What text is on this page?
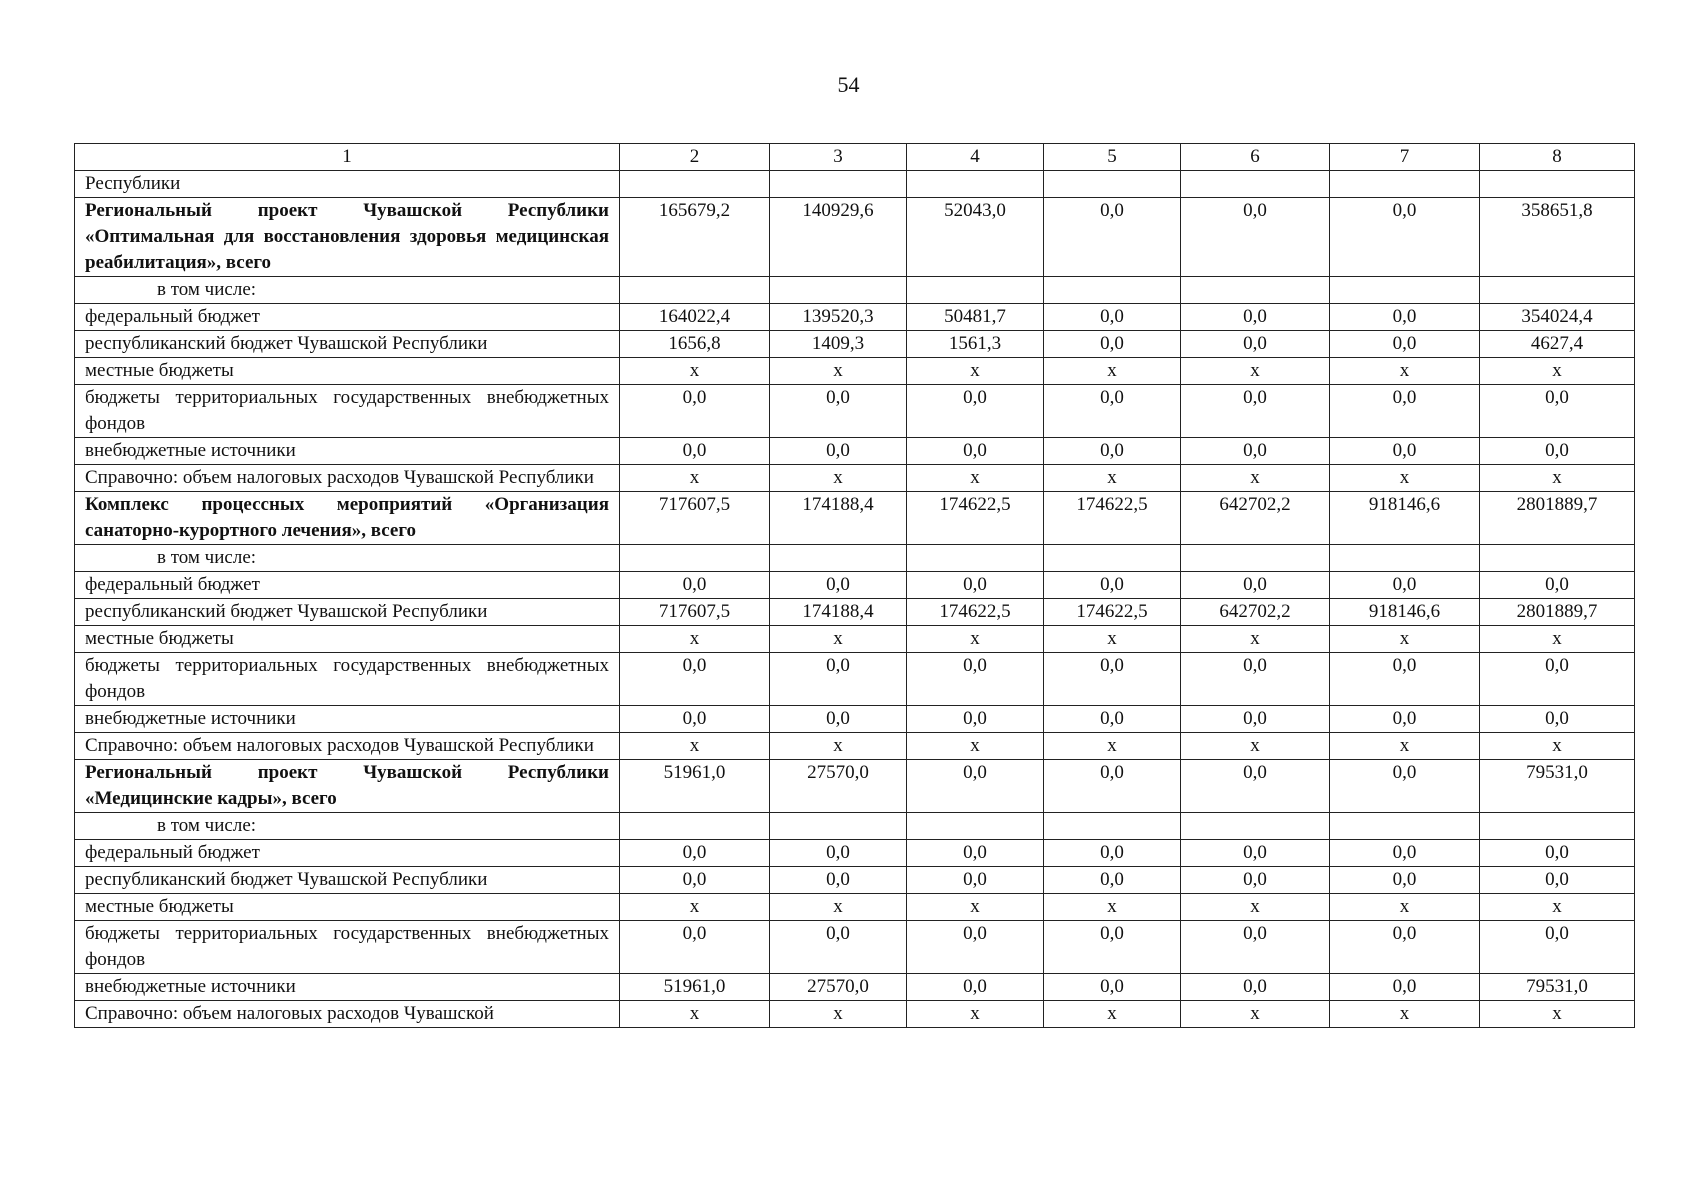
54
1	2	3	4	5	6	7	8
Республики							
Региональный проект Чувашской Республики «Оптимальная для восстановления здоровья медицинская реабилитация», всего	165679,2	140929,6	52043,0	0,0	0,0	0,0	358651,8
в том числе:							
федеральный бюджет	164022,4	139520,3	50481,7	0,0	0,0	0,0	354024,4
республиканский бюджет Чувашской Республики	1656,8	1409,3	1561,3	0,0	0,0	0,0	4627,4
местные бюджеты	х	х	х	х	х	х	х
бюджеты территориальных государственных внебюджетных фондов	0,0	0,0	0,0	0,0	0,0	0,0	0,0
внебюджетные источники	0,0	0,0	0,0	0,0	0,0	0,0	0,0
Справочно: объем налоговых расходов Чувашской Республики	х	х	х	х	х	х	х
Комплекс процессных мероприятий «Организация санаторно-курортного лечения», всего	717607,5	174188,4	174622,5	174622,5	642702,2	918146,6	2801889,7
в том числе:							
федеральный бюджет	0,0	0,0	0,0	0,0	0,0	0,0	0,0
республиканский бюджет Чувашской Республики	717607,5	174188,4	174622,5	174622,5	642702,2	918146,6	2801889,7
местные бюджеты	х	х	х	х	х	х	х
бюджеты территориальных государственных внебюджетных фондов	0,0	0,0	0,0	0,0	0,0	0,0	0,0
внебюджетные источники	0,0	0,0	0,0	0,0	0,0	0,0	0,0
Справочно: объем налоговых расходов Чувашской Республики	х	х	х	х	х	х	х
Региональный проект Чувашской Республики «Медицинские кадры», всего	51961,0	27570,0	0,0	0,0	0,0	0,0	79531,0
в том числе:							
федеральный бюджет	0,0	0,0	0,0	0,0	0,0	0,0	0,0
республиканский бюджет Чувашской Республики	0,0	0,0	0,0	0,0	0,0	0,0	0,0
местные бюджеты	х	х	х	х	х	х	х
бюджеты территориальных государственных внебюджетных фондов	0,0	0,0	0,0	0,0	0,0	0,0	0,0
внебюджетные источники	51961,0	27570,0	0,0	0,0	0,0	0,0	79531,0
Справочно: объем налоговых расходов Чувашской	х	х	х	х	х	х	х
